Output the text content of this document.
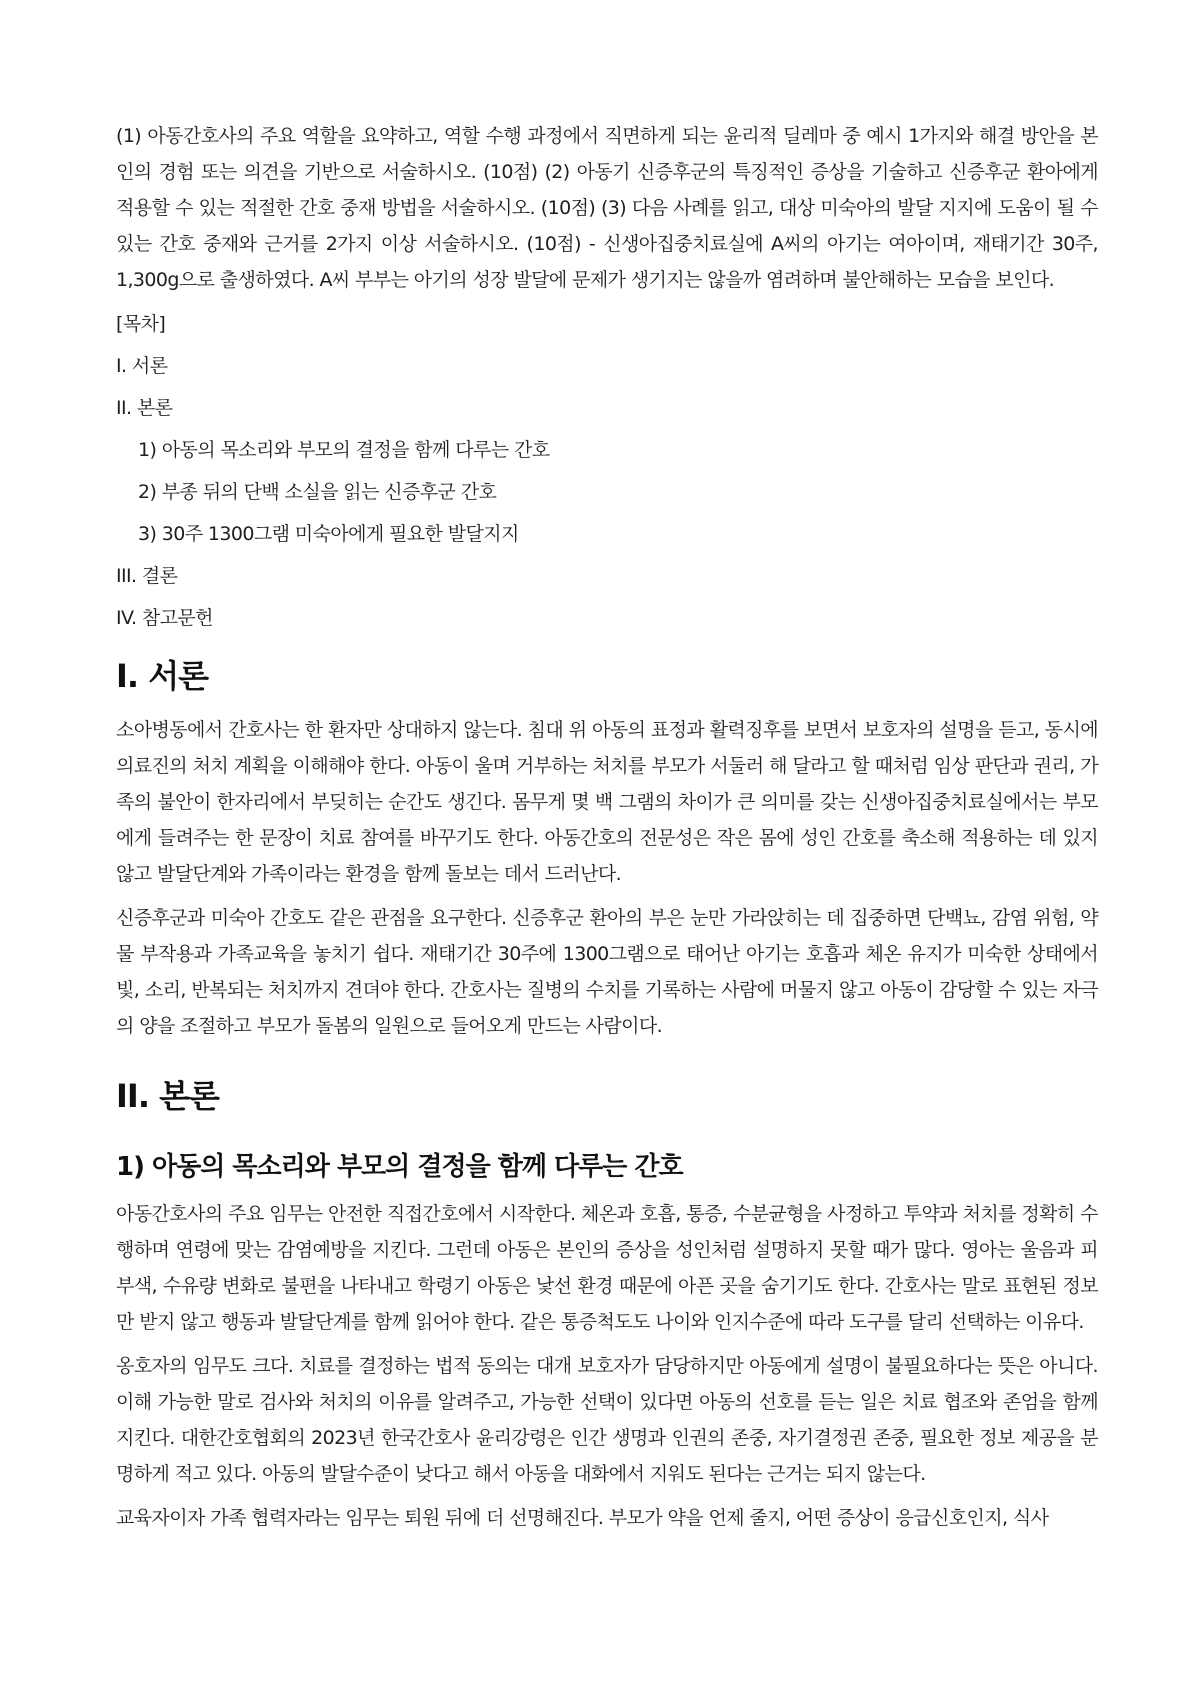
(1) 아동간호사의 주요 역할을 요약하고, 역할 수행 과정에서 직면하게 되는 윤리적 딜레마 중 예시 1가지와 해결 방안을 본인의 경험 또는 의견을 기반으로 서술하시오. (10점) (2) 아동기 신증후군의 특징적인 증상을 기술하고 신증후군 환아에게 적용할 수 있는 적절한 간호 중재 방법을 서술하시오. (10점) (3) 다음 사례를 읽고, 대상 미숙아의 발달 지지에 도움이 될 수 있는 간호 중재와 근거를 2가지 이상 서술하시오. (10점) - 신생아집중치료실에 A씨의 아기는 여아이며, 재태기간 30주, 1,300g으로 출생하였다. A씨 부부는 아기의 성장 발달에 문제가 생기지는 않을까 염려하며 불안해하는 모습을 보인다.

[목차]
I. 서론
II. 본론
1) 아동의 목소리와 부모의 결정을 함께 다루는 간호
2) 부종 뒤의 단백 소실을 읽는 신증후군 간호
3) 30주 1300그램 미숙아에게 필요한 발달지지
III. 결론
IV. 참고문헌
I. 서론

소아병동에서 간호사는 한 환자만 상대하지 않는다. 침대 위 아동의 표정과 활력징후를 보면서 보호자의 설명을 듣고, 동시에 의료진의 처치 계획을 이해해야 한다. 아동이 울며 거부하는 처치를 부모가 서둘러 해 달라고 할 때처럼 임상 판단과 권리, 가족의 불안이 한자리에서 부딪히는 순간도 생긴다. 몸무게 몇 백 그램의 차이가 큰 의미를 갖는 신생아집중치료실에서는 부모에게 들려주는 한 문장이 치료 참여를 바꾸기도 한다. 아동간호의 전문성은 작은 몸에 성인 간호를 축소해 적용하는 데 있지 않고 발달단계와 가족이라는 환경을 함께 돌보는 데서 드러난다.

신증후군과 미숙아 간호도 같은 관점을 요구한다. 신증후군 환아의 부은 눈만 가라앉히는 데 집중하면 단백뇨, 감염 위험, 약물 부작용과 가족교육을 놓치기 쉽다. 재태기간 30주에 1300그램으로 태어난 아기는 호흡과 체온 유지가 미숙한 상태에서 빛, 소리, 반복되는 처치까지 견뎌야 한다. 간호사는 질병의 수치를 기록하는 사람에 머물지 않고 아동이 감당할 수 있는 자극의 양을 조절하고 부모가 돌봄의 일원으로 들어오게 만드는 사람이다.

II. 본론
1) 아동의 목소리와 부모의 결정을 함께 다루는 간호

아동간호사의 주요 임무는 안전한 직접간호에서 시작한다. 체온과 호흡, 통증, 수분균형을 사정하고 투약과 처치를 정확히 수행하며 연령에 맞는 감염예방을 지킨다. 그런데 아동은 본인의 증상을 성인처럼 설명하지 못할 때가 많다. 영아는 울음과 피부색, 수유량 변화로 불편을 나타내고 학령기 아동은 낯선 환경 때문에 아픈 곳을 숨기기도 한다. 간호사는 말로 표현된 정보만 받지 않고 행동과 발달단계를 함께 읽어야 한다. 같은 통증척도도 나이와 인지수준에 따라 도구를 달리 선택하는 이유다.

옹호자의 임무도 크다. 치료를 결정하는 법적 동의는 대개 보호자가 담당하지만 아동에게 설명이 불필요하다는 뜻은 아니다. 이해 가능한 말로 검사와 처치의 이유를 알려주고, 가능한 선택이 있다면 아동의 선호를 듣는 일은 치료 협조와 존엄을 함께 지킨다. 대한간호협회의 2023년 한국간호사 윤리강령은 인간 생명과 인권의 존중, 자기결정권 존중, 필요한 정보 제공을 분명하게 적고 있다. 아동의 발달수준이 낮다고 해서 아동을 대화에서 지워도 된다는 근거는 되지 않는다.

교육자이자 가족 협력자라는 임무는 퇴원 뒤에 더 선명해진다. 부모가 약을 언제 줄지, 어떤 증상이 응급신호인지, 식사
